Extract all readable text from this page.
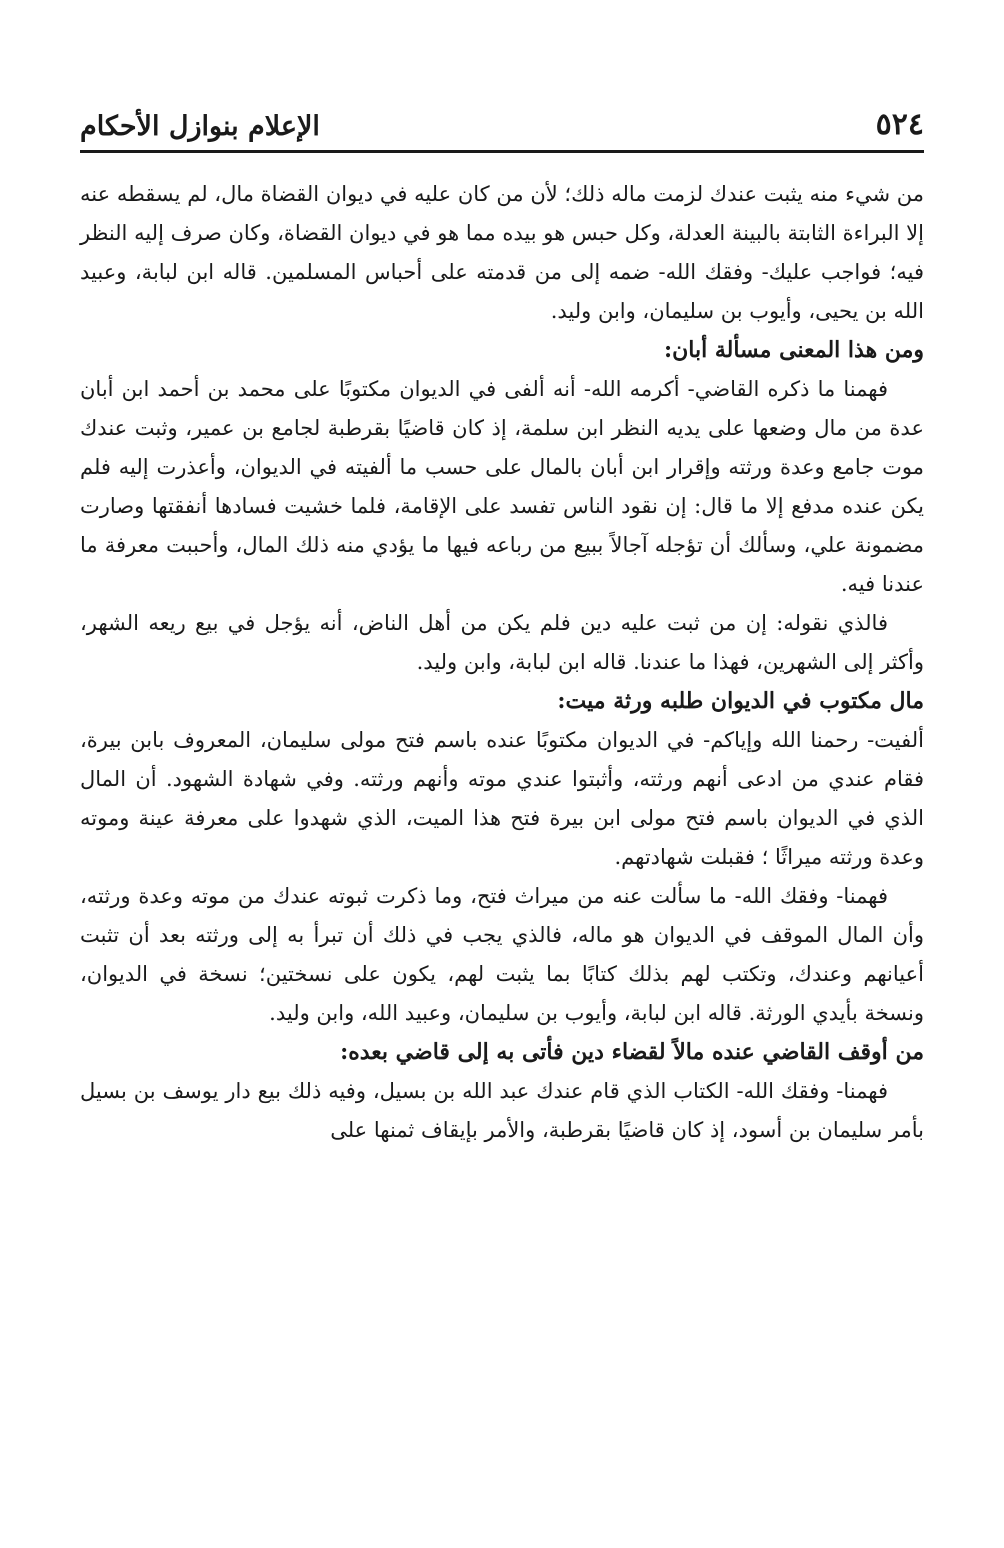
٥٢٤
الإعلام بنوازل الأحكام

من شيء منه يثبت عندك لزمت ماله ذلك؛ لأن من كان عليه في ديوان القضاة مال، لم يسقطه عنه إلا البراءة الثابتة بالبينة العدلة، وكل حبس هو بيده مما هو في ديوان القضاة، وكان صرف إليه النظر فيه؛ فواجب عليك- وفقك الله- ضمه إلى من قدمته على أحباس المسلمين. قاله ابن لبابة، وعبيد الله بن يحيى، وأيوب بن سليمان، وابن وليد.

ومن هذا المعنى مسألة أبان:

فهمنا ما ذكره القاضي- أكرمه الله- أنه ألفى في الديوان مكتوبًا على محمد بن أحمد ابن أبان عدة من مال وضعها على يديه النظر ابن سلمة، إذ كان قاضيًا بقرطبة لجامع بن عمير، وثبت عندك موت جامع وعدة ورثته وإقرار ابن أبان بالمال على حسب ما ألفيته في الديوان، وأعذرت إليه فلم يكن عنده مدفع إلا ما قال: إن نقود الناس تفسد على الإقامة، فلما خشيت فسادها أنفقتها وصارت مضمونة علي، وسألك أن تؤجله آجالاً ببيع من رباعه فيها ما يؤدي منه ذلك المال، وأحببت معرفة ما عندنا فيه.

فالذي نقوله: إن من ثبت عليه دين فلم يكن من أهل الناض، أنه يؤجل في بيع ريعه الشهر، وأكثر إلى الشهرين، فهذا ما عندنا. قاله ابن لبابة، وابن وليد.

مال مكتوب في الديوان طلبه ورثة ميت:

ألفيت- رحمنا الله وإياكم- في الديوان مكتوبًا عنده باسم فتح مولى سليمان، المعروف بابن بيرة، فقام عندي من ادعى أنهم ورثته، وأثبتوا عندي موته وأنهم ورثته. وفي شهادة الشهود. أن المال الذي في الديوان باسم فتح مولى ابن بيرة فتح هذا الميت، الذي شهدوا على معرفة عينة وموته وعدة ورثته ميراثًا ؛ فقبلت شهادتهم.

فهمنا- وفقك الله- ما سألت عنه من ميراث فتح، وما ذكرت ثبوته عندك من موته وعدة ورثته، وأن المال الموقف في الديوان هو ماله، فالذي يجب في ذلك أن تبرأ به إلى ورثته بعد أن تثبت أعيانهم وعندك، وتكتب لهم بذلك كتابًا بما يثبت لهم، يكون على نسختين؛ نسخة في الديوان، ونسخة بأيدي الورثة. قاله ابن لبابة، وأيوب بن سليمان، وعبيد الله، وابن وليد.

من أوقف القاضي عنده مالاً لقضاء دين فأتى به إلى قاضي بعده:

فهمنا- وفقك الله- الكتاب الذي قام عندك عبد الله بن بسيل، وفيه ذلك بيع دار يوسف بن بسيل بأمر سليمان بن أسود، إذ كان قاضيًا بقرطبة، والأمر بإيقاف ثمنها على
